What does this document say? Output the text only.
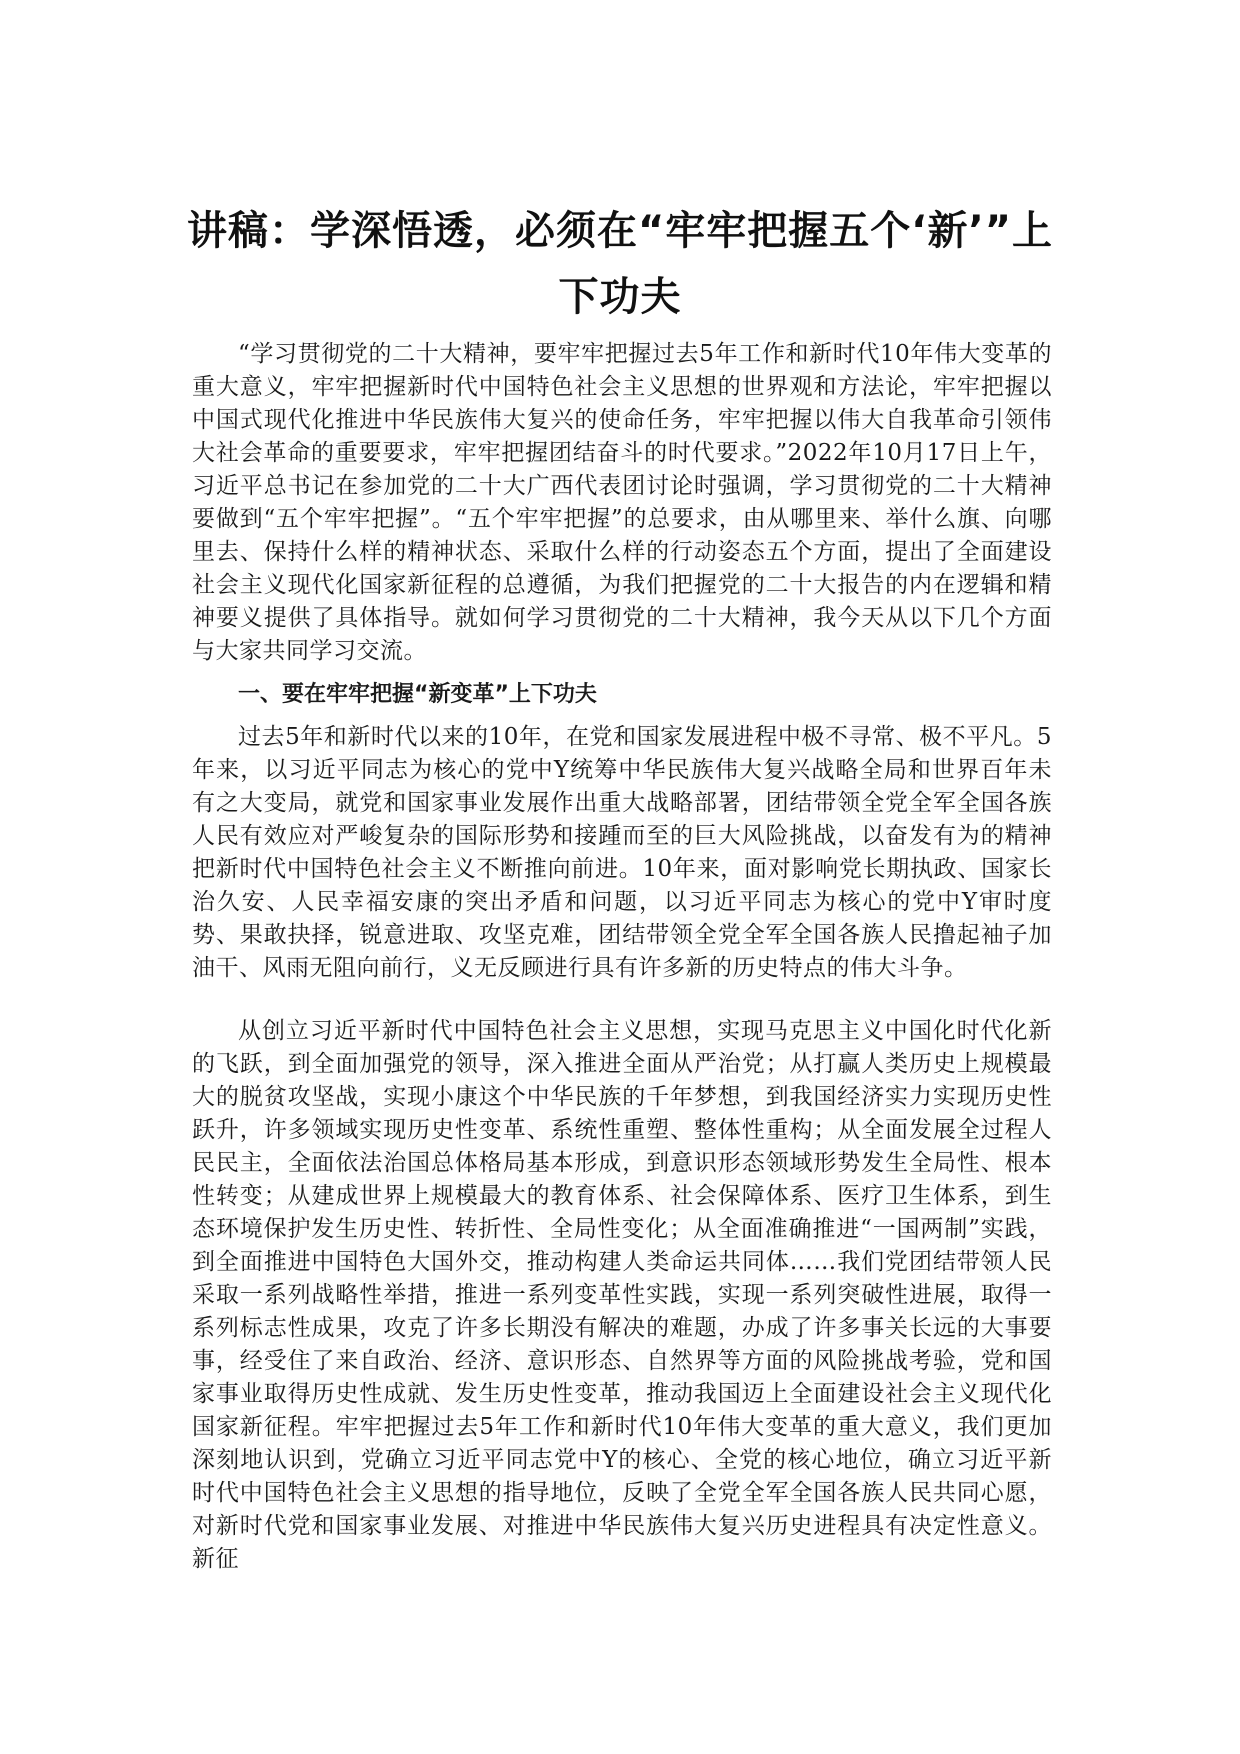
讲稿：学深悟透，必须在“牢牢把握五个‘新’”上下功夫

“学习贯彻党的二十大精神，要牢牢把握过去5年工作和新时代10年伟大变革的重大意义，牢牢把握新时代中国特色社会主义思想的世界观和方法论，牢牢把握以中国式现代化推进中华民族伟大复兴的使命任务，牢牢把握以伟大自我革命引领伟大社会革命的重要要求，牢牢把握团结奋斗的时代要求。”2022年10月17日上午，习近平总书记在参加党的二十大广西代表团讨论时强调，学习贯彻党的二十大精神要做到“五个牢牢把握”。“五个牢牢把握”的总要求，由从哪里来、举什么旗、向哪里去、保持什么样的精神状态、采取什么样的行动姿态五个方面，提出了全面建设社会主义现代化国家新征程的总遵循，为我们把握党的二十大报告的内在逻辑和精神要义提供了具体指导。就如何学习贯彻党的二十大精神，我今天从以下几个方面与大家共同学习交流。

一、要在牢牢把握“新变革”上下功夫

过去5年和新时代以来的10年，在党和国家发展进程中极不寻常、极不平凡。5年来，以习近平同志为核心的党中Y统筹中华民族伟大复兴战略全局和世界百年未有之大变局，就党和国家事业发展作出重大战略部署，团结带领全党全军全国各族人民有效应对严峻复杂的国际形势和接踵而至的巨大风险挑战，以奋发有为的精神把新时代中国特色社会主义不断推向前进。10年来，面对影响党长期执政、国家长治久安、人民幸福安康的突出矛盾和问题，以习近平同志为核心的党中Y审时度势、果敢抉择，锐意进取、攻坚克难，团结带领全党全军全国各族人民撸起袖子加油干、风雨无阻向前行，义无反顾进行具有许多新的历史特点的伟大斗争。

从创立习近平新时代中国特色社会主义思想，实现马克思主义中国化时代化新的飞跃，到全面加强党的领导，深入推进全面从严治党；从打赢人类历史上规模最大的脱贫攻坚战，实现小康这个中华民族的千年梦想，到我国经济实力实现历史性跃升，许多领域实现历史性变革、系统性重塑、整体性重构；从全面发展全过程人民民主，全面依法治国总体格局基本形成，到意识形态领域形势发生全局性、根本性转变；从建成世界上规模最大的教育体系、社会保障体系、医疗卫生体系，到生态环境保护发生历史性、转折性、全局性变化；从全面准确推进“一国两制”实践，到全面推进中国特色大国外交，推动构建人类命运共同体……我们党团结带领人民采取一系列战略性举措，推进一系列变革性实践，实现一系列突破性进展，取得一系列标志性成果，攻克了许多长期没有解决的难题，办成了许多事关长远的大事要事，经受住了来自政治、经济、意识形态、自然界等方面的风险挑战考验，党和国家事业取得历史性成就、发生历史性变革，推动我国迈上全面建设社会主义现代化国家新征程。牢牢把握过去5年工作和新时代10年伟大变革的重大意义，我们更加深刻地认识到，党确立习近平同志党中Y的核心、全党的核心地位，确立习近平新时代中国特色社会主义思想的指导地位，反映了全党全军全国各族人民共同心愿，对新时代党和国家事业发展、对推进中华民族伟大复兴历史进程具有决定性意义。新征
